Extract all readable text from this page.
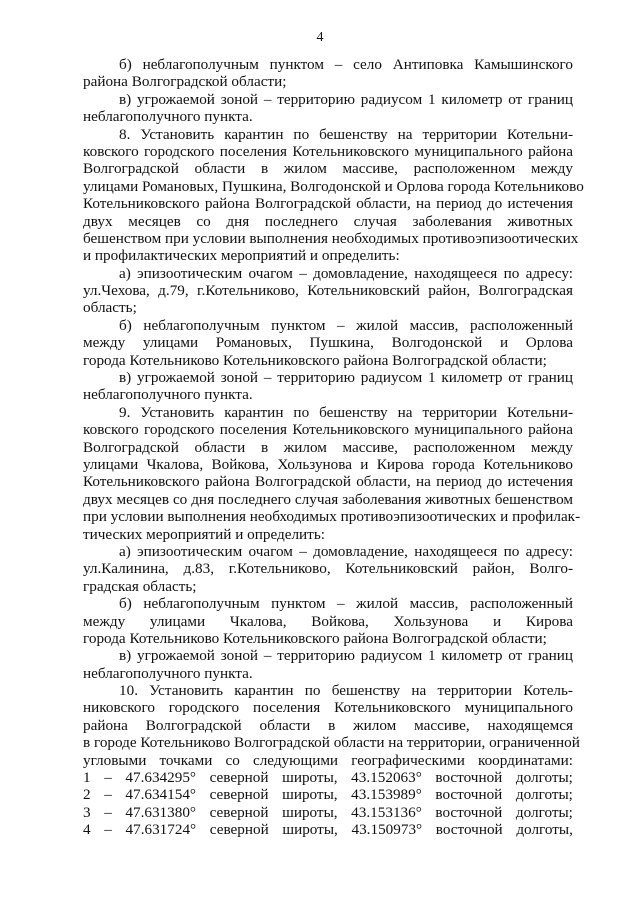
4
б) неблагополучным пунктом – село Антиповка Камышинского
района Волгоградской области;
в) угрожаемой зоной – территорию радиусом 1 километр от границ
неблагополучного пункта.
8. Установить карантин по бешенству на территории Котельни-
ковского городского поселения Котельниковского муниципального района
Волгоградской области в жилом массиве, расположенном между
улицами Романовых, Пушкина, Волгодонской и Орлова города Котельниково
Котельниковского района Волгоградской области, на период до истечения
двух месяцев со дня последнего случая заболевания животных
бешенством при условии выполнения необходимых противоэпизоотических
и профилактических мероприятий и определить:
а) эпизоотическим очагом – домовладение, находящееся по адресу:
ул.Чехова, д.79, г.Котельниково, Котельниковский район, Волгоградская
область;
б) неблагополучным пунктом – жилой массив, расположенный
между улицами Романовых, Пушкина, Волгодонской и Орлова
города Котельниково Котельниковского района Волгоградской области;
в) угрожаемой зоной – территорию радиусом 1 километр от границ
неблагополучного пункта.
9. Установить карантин по бешенству на территории Котельни-
ковского городского поселения Котельниковского муниципального района
Волгоградской области в жилом массиве, расположенном между
улицами Чкалова, Войкова, Хользунова и Кирова города Котельниково
Котельниковского района Волгоградской области, на период до истечения
двух месяцев со дня последнего случая заболевания животных бешенством
при условии выполнения необходимых противоэпизоотических и профилак-
тических мероприятий и определить:
а) эпизоотическим очагом – домовладение, находящееся по адресу:
ул.Калинина, д.83, г.Котельниково, Котельниковский район, Волго-
градская область;
б) неблагополучным пунктом – жилой массив, расположенный
между улицами Чкалова, Войкова, Хользунова и Кирова
города Котельниково Котельниковского района Волгоградской области;
в) угрожаемой зоной – территорию радиусом 1 километр от границ
неблагополучного пункта.
10. Установить карантин по бешенству на территории Котель-
никовского городского поселения Котельниковского муниципального
района Волгоградской области в жилом массиве, находящемся
в городе Котельниково Волгоградской области на территории, ограниченной
угловыми точками со следующими географическими координатами:
1 – 47.634295° северной широты, 43.152063° восточной долготы;
2 – 47.634154° северной широты, 43.153989° восточной долготы;
3 – 47.631380° северной широты, 43.153136° восточной долготы;
4 – 47.631724° северной широты, 43.150973° восточной долготы,
